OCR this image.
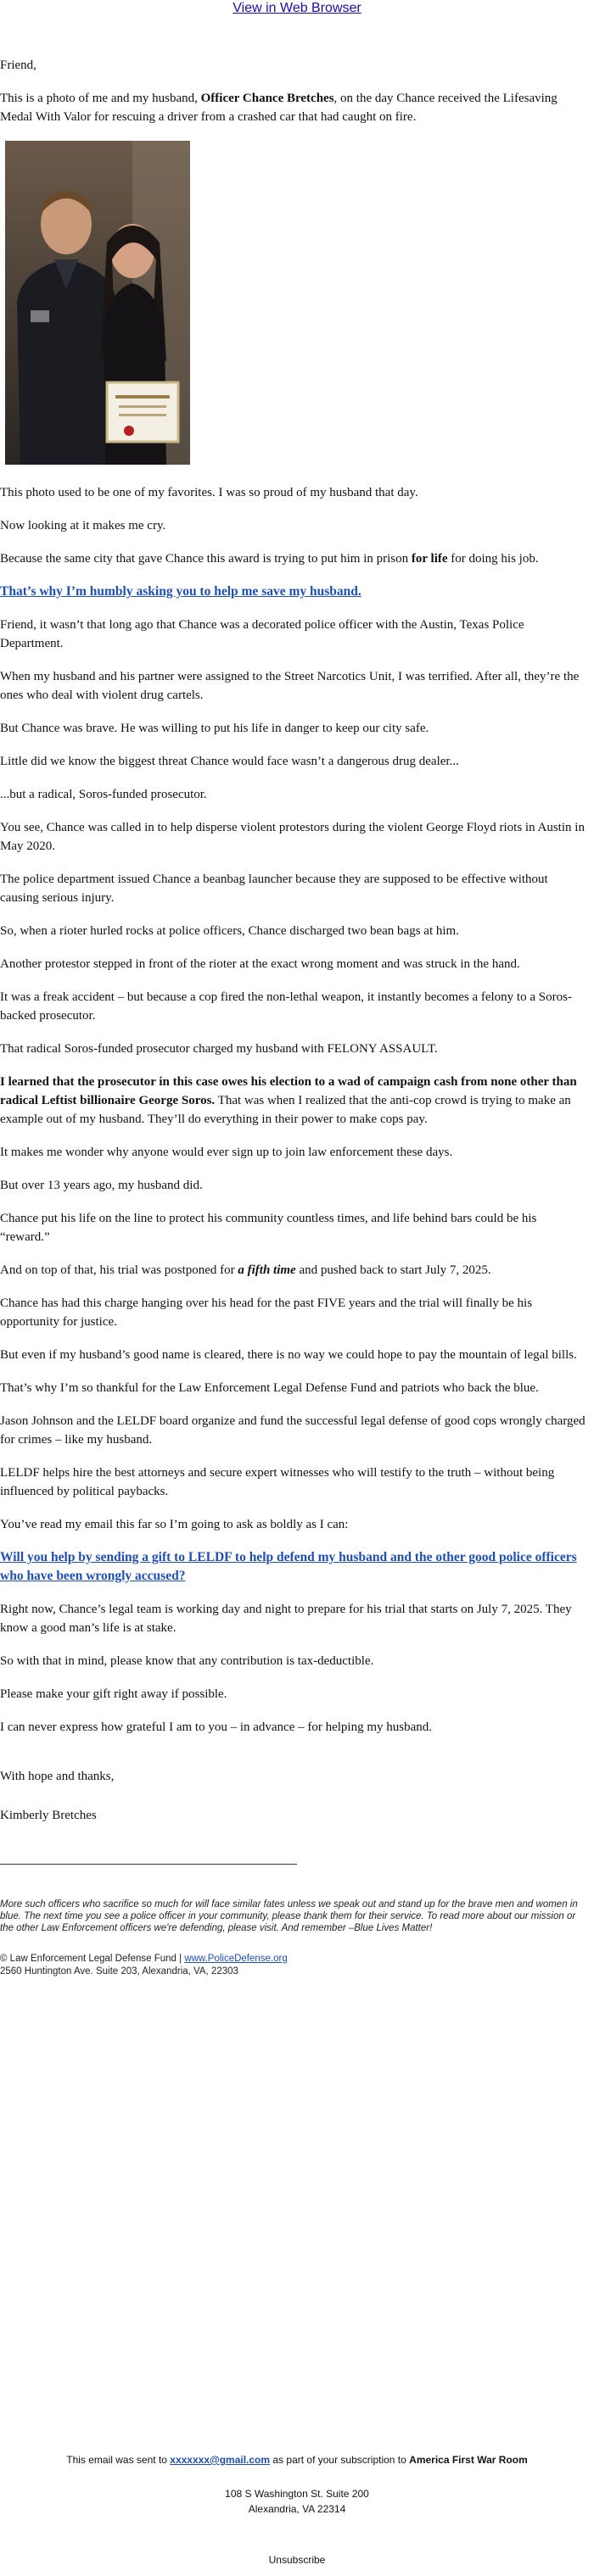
View in Web Browser

Friend,

This is a photo of me and my husband, Officer Chance Bretches, on the day Chance received the Lifesaving Medal With Valor for rescuing a driver from a crashed car that had caught on fire.

This photo used to be one of my favorites. I was so proud of my husband that day.

Now looking at it makes me cry.

Because the same city that gave Chance this award is trying to put him in prison for life for doing his job.

That’s why I’m humbly asking you to help me save my husband.

Friend, it wasn’t that long ago that Chance was a decorated police officer with the Austin, Texas Police Department.

When my husband and his partner were assigned to the Street Narcotics Unit, I was terrified. After all, they’re the ones who deal with violent drug cartels.

But Chance was brave. He was willing to put his life in danger to keep our city safe.

Little did we know the biggest threat Chance would face wasn’t a dangerous drug dealer...

...but a radical, Soros-funded prosecutor.

You see, Chance was called in to help disperse violent protestors during the violent George Floyd riots in Austin in May 2020.

The police department issued Chance a beanbag launcher because they are supposed to be effective without causing serious injury.

So, when a rioter hurled rocks at police officers, Chance discharged two bean bags at him.

Another protestor stepped in front of the rioter at the exact wrong moment and was struck in the hand.

It was a freak accident – but because a cop fired the non-lethal weapon, it instantly becomes a felony to a Soros-backed prosecutor.

That radical Soros-funded prosecutor charged my husband with FELONY ASSAULT.

I learned that the prosecutor in this case owes his election to a wad of campaign cash from none other than radical Leftist billionaire George Soros. That was when I realized that the anti-cop crowd is trying to make an example out of my husband. They’ll do everything in their power to make cops pay.

It makes me wonder why anyone would ever sign up to join law enforcement these days.

But over 13 years ago, my husband did.

Chance put his life on the line to protect his community countless times, and life behind bars could be his “reward.”

And on top of that, his trial was postponed for a fifth time and pushed back to start July 7, 2025.

Chance has had this charge hanging over his head for the past FIVE years and the trial will finally be his opportunity for justice.

But even if my husband’s good name is cleared, there is no way we could hope to pay the mountain of legal bills.

That’s why I’m so thankful for the Law Enforcement Legal Defense Fund and patriots who back the blue.

Jason Johnson and the LELDF board organize and fund the successful legal defense of good cops wrongly charged for crimes – like my husband.

LELDF helps hire the best attorneys and secure expert witnesses who will testify to the truth – without being influenced by political paybacks.

You’ve read my email this far so I’m going to ask as boldly as I can:

Will you help by sending a gift to LELDF to help defend my husband and the other good police officers who have been wrongly accused?

Right now, Chance’s legal team is working day and night to prepare for his trial that starts on July 7, 2025. They know a good man’s life is at stake.

So with that in mind, please know that any contribution is tax-deductible.

Please make your gift right away if possible.

I can never express how grateful I am to you – in advance – for helping my husband.

With hope and thanks,

Kimberly Bretches

More such officers who sacrifice so much for will face similar fates unless we speak out and stand up for the brave men and women in blue. The next time you see a police officer in your community, please thank them for their service. To read more about our mission or the other Law Enforcement officers we're defending, please visit. And remember –Blue Lives Matter!

© Law Enforcement Legal Defense Fund | www.PoliceDefense.org
2560 Huntington Ave. Suite 203, Alexandria, VA, 22303
This email was sent to xxxxxxx@gmail.com as part of your subscription to America First War Room
108 S Washington St. Suite 200
Alexandria, VA 22314
Unsubscribe
